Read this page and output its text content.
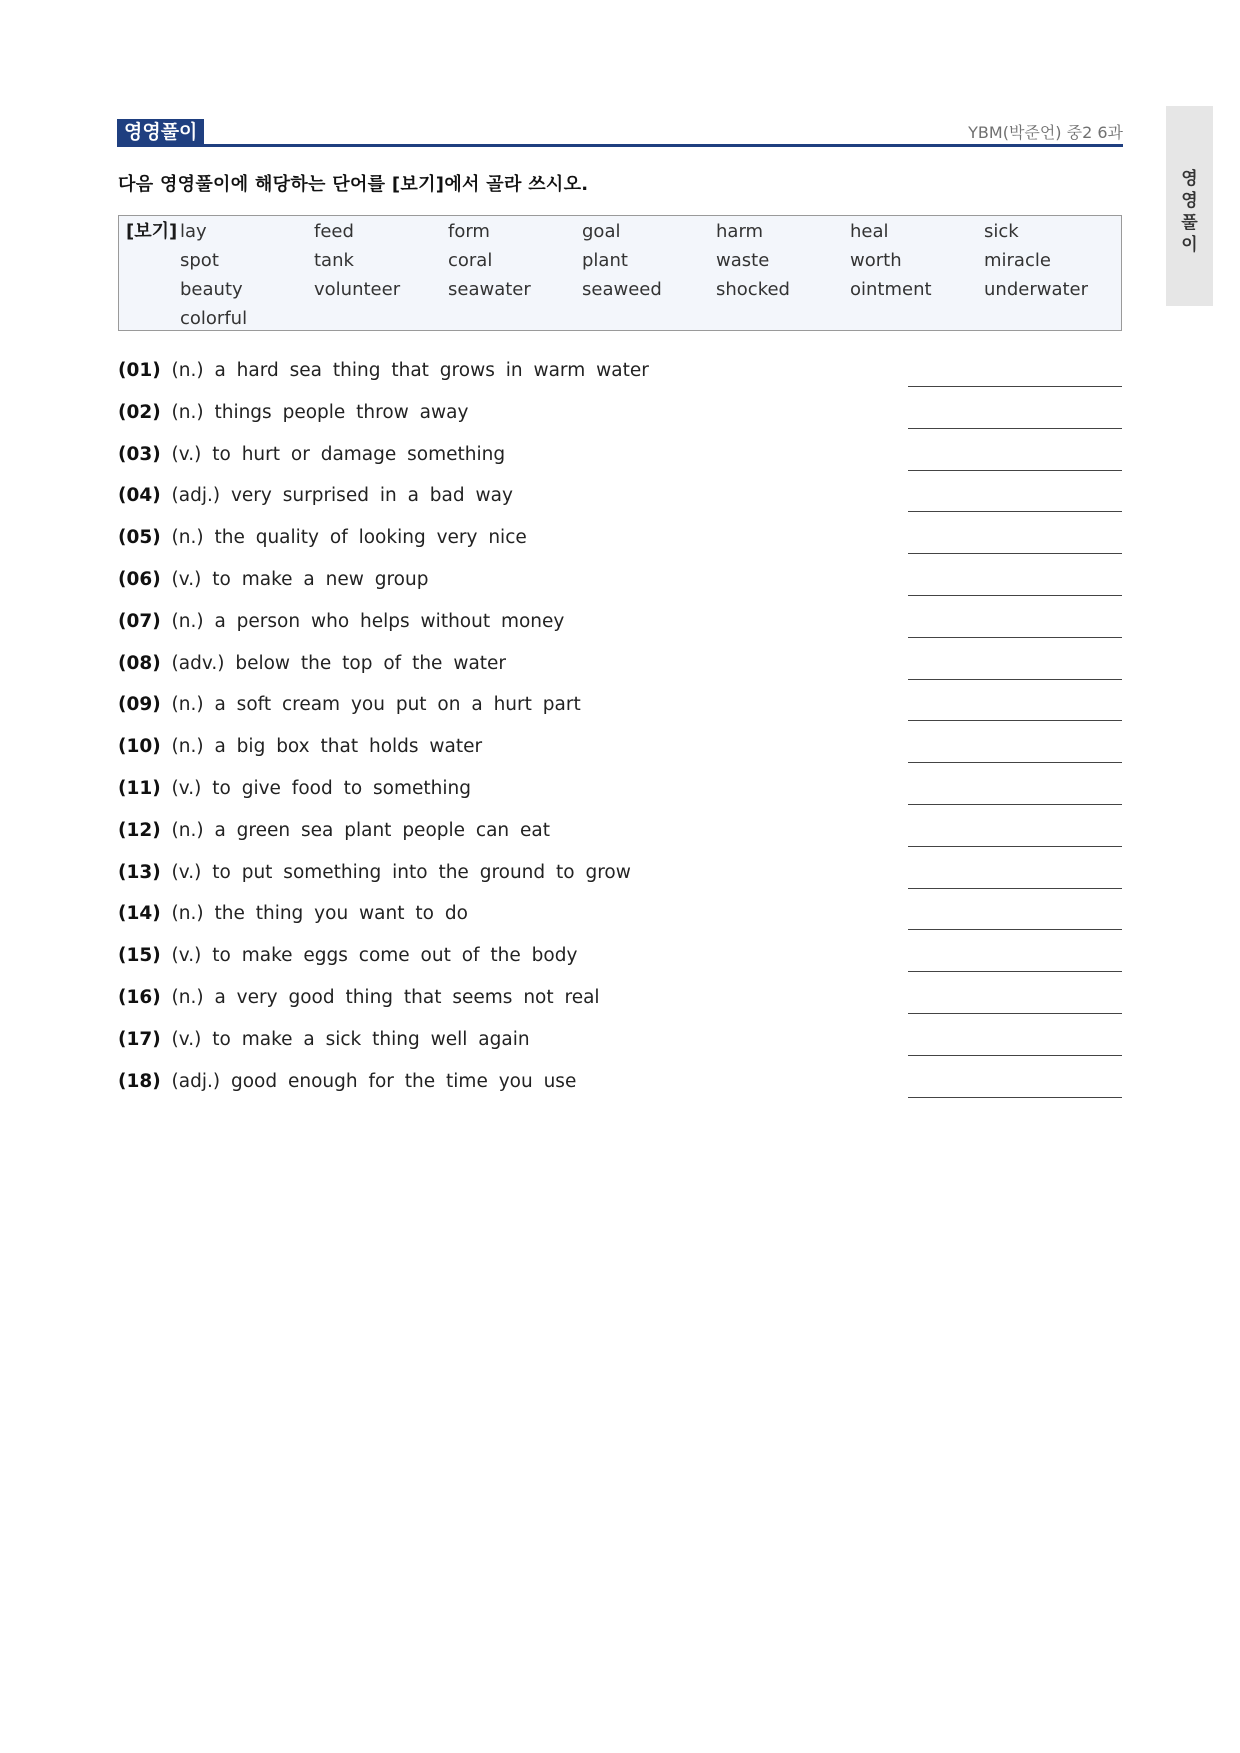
영영풀이	YBM(박준언) 중2 6과
영
영
풀
이
다음 영영풀이에 해당하는 단어를 [보기]에서 골라 쓰시오.
[보기] lay	feed	form	goal	harm	heal	sick
spot	tank	coral	plant	waste	worth	miracle
beauty	volunteer	seawater	seaweed	shocked	ointment	underwater
colorful
(01) (n.) a hard sea thing that grows in warm water
(02) (n.) things people throw away
(03) (v.) to hurt or damage something
(04) (adj.) very surprised in a bad way
(05) (n.) the quality of looking very nice
(06) (v.) to make a new group
(07) (n.) a person who helps without money
(08) (adv.) below the top of the water
(09) (n.) a soft cream you put on a hurt part
(10) (n.) a big box that holds water
(11) (v.) to give food to something
(12) (n.) a green sea plant people can eat
(13) (v.) to put something into the ground to grow
(14) (n.) the thing you want to do
(15) (v.) to make eggs come out of the body
(16) (n.) a very good thing that seems not real
(17) (v.) to make a sick thing well again
(18) (adj.) good enough for the time you use
